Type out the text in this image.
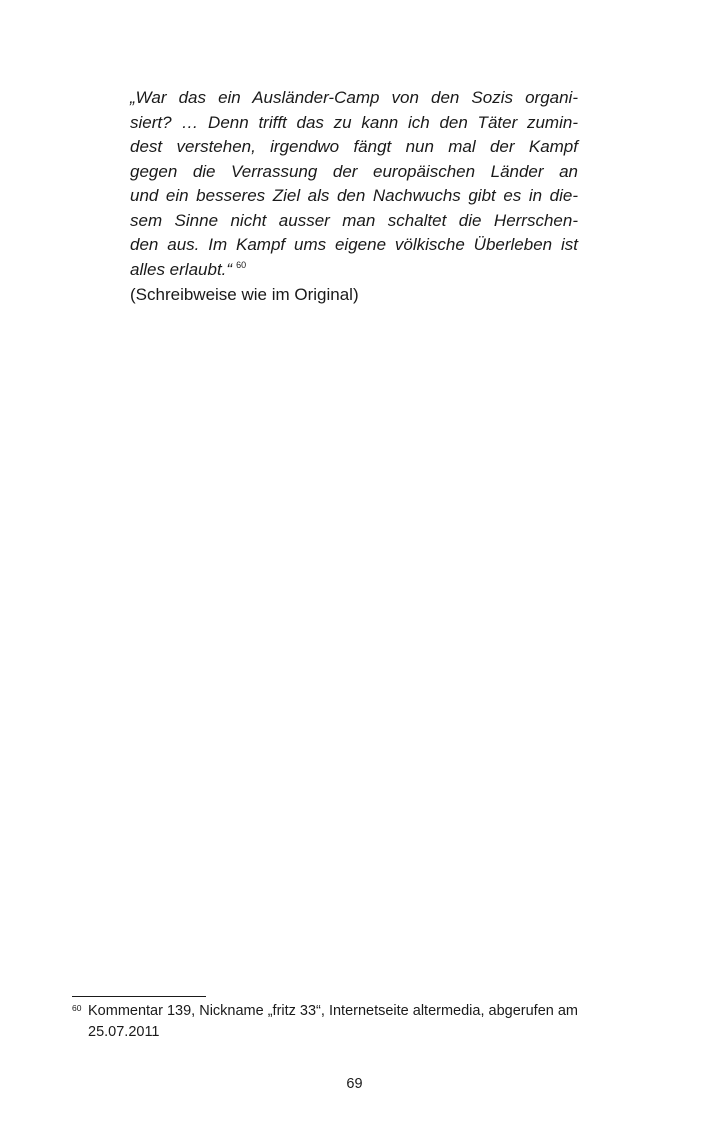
„War das ein Ausländer-Camp von den Sozis organi-
siert? … Denn trifft das zu kann ich den Täter zumin-
dest verstehen, irgendwo fängt nun mal der Kampf
gegen die Verrassung der europäischen Länder an
und ein besseres Ziel als den Nachwuchs gibt es in die-
sem Sinne nicht ausser man schaltet die Herrschen-
den aus. Im Kampf ums eigene völkische Überleben ist
alles erlaubt.“ $^{60}$
(Schreibweise wie im Original)
60 Kommentar 139, Nickname „fritz 33“, Internetseite altermedia, abgerufen am 25.07.2011
69
